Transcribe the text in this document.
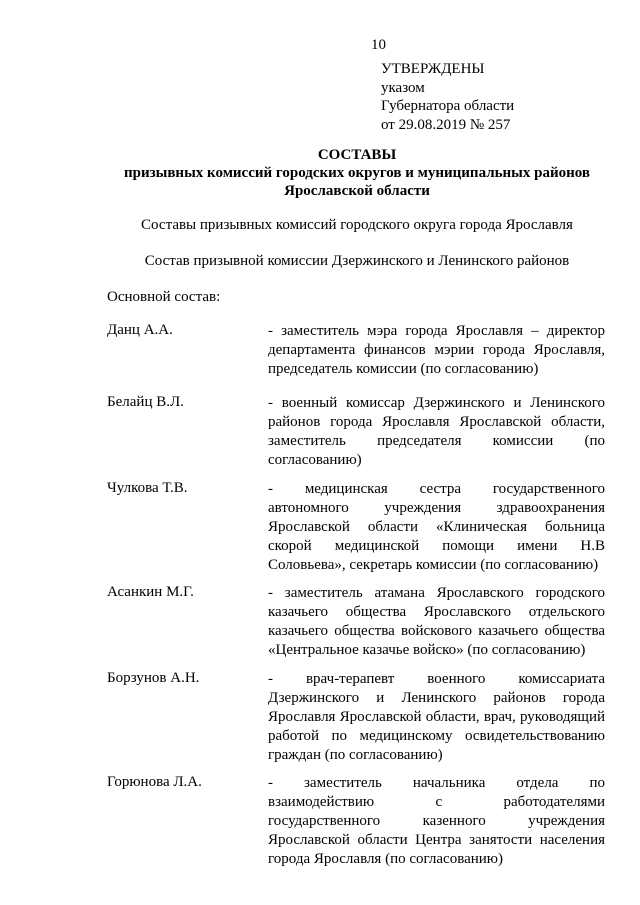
10
УТВЕРЖДЕНЫ
указом
Губернатора области
от 29.08.2019 № 257
СОСТАВЫ
призывных комиссий городских округов и муниципальных районов
Ярославской области
Составы призывных комиссий городского округа города Ярославля
Состав призывной комиссии Дзержинского и Ленинского районов
Основной состав:
Данц А.А.	- заместитель мэра города Ярославля – директор департамента финансов мэрии города Ярославля, председатель комиссии (по согласованию)
Белайц В.Л.	- военный комиссар Дзержинского и Ленинского районов города Ярославля Ярославской области, заместитель председателя комиссии (по согласованию)
Чулкова Т.В.	- медицинская сестра государственного автономного учреждения здравоохранения Ярославской области «Клиническая больница скорой медицинской помощи имени Н.В Соловьева», секретарь комиссии (по согласованию)
Асанкин М.Г.	- заместитель атамана Ярославского городского казачьего общества Ярославского отдельского казачьего общества войскового казачьего общества «Центральное казачье войско» (по согласованию)
Борзунов А.Н.	- врач-терапевт военного комиссариата Дзержинского и Ленинского районов города Ярославля Ярославской области, врач, руководящий работой по медицинскому освидетельствованию граждан (по согласованию)
Горюнова Л.А.	- заместитель начальника отдела по взаимодействию с работодателями государственного казенного учреждения Ярославской области Центра занятости населения города Ярославля (по согласованию)
